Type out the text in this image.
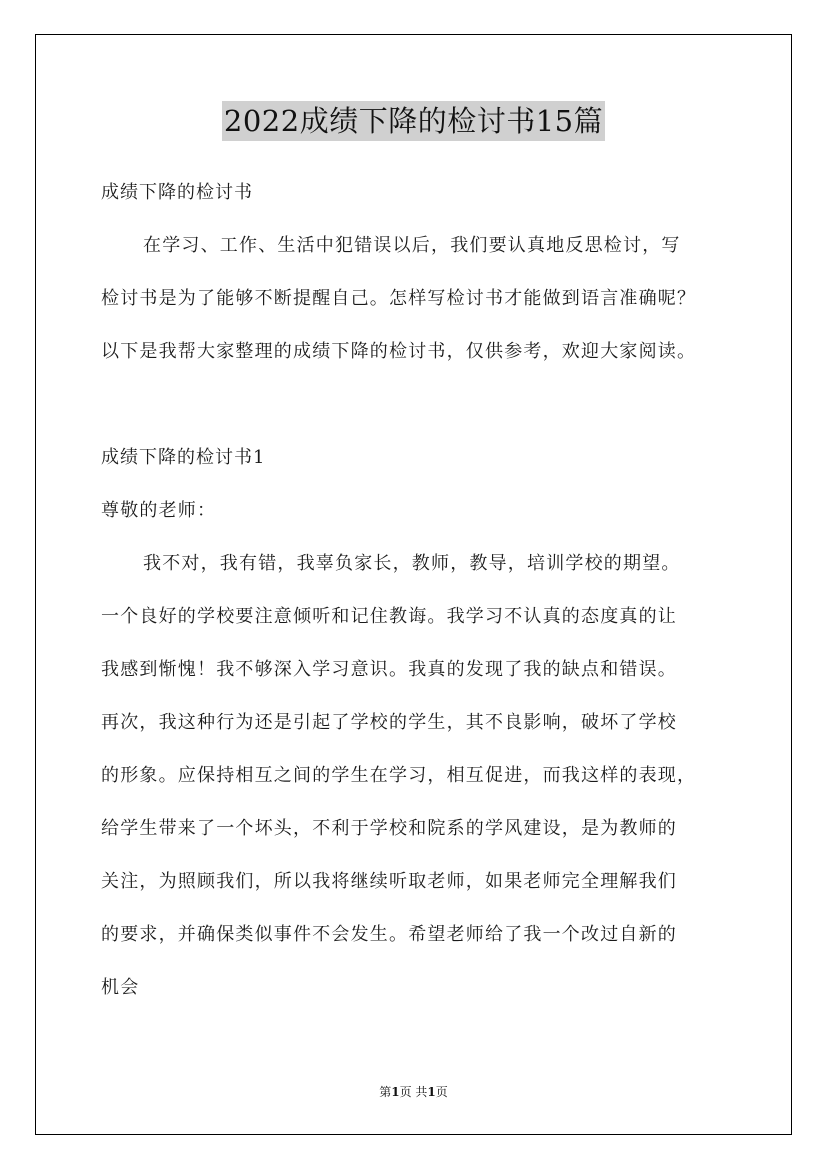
2022成绩下降的检讨书15篇
成绩下降的检讨书
在学习、工作、生活中犯错误以后，我们要认真地反思检讨，写
检讨书是为了能够不断提醒自己。怎样写检讨书才能做到语言准确呢？
以下是我帮大家整理的成绩下降的检讨书，仅供参考，欢迎大家阅读。
成绩下降的检讨书1
尊敬的老师：
我不对，我有错，我辜负家长，教师，教导，培训学校的期望。
一个良好的学校要注意倾听和记住教诲。我学习不认真的态度真的让
我感到惭愧！我不够深入学习意识。我真的发现了我的缺点和错误。
再次，我这种行为还是引起了学校的学生，其不良影响，破坏了学校
的形象。应保持相互之间的学生在学习，相互促进，而我这样的表现，
给学生带来了一个坏头，不利于学校和院系的学风建设，是为教师的
关注，为照顾我们，所以我将继续听取老师，如果老师完全理解我们
的要求，并确保类似事件不会发生。希望老师给了我一个改过自新的
机会
第1页 共1页
